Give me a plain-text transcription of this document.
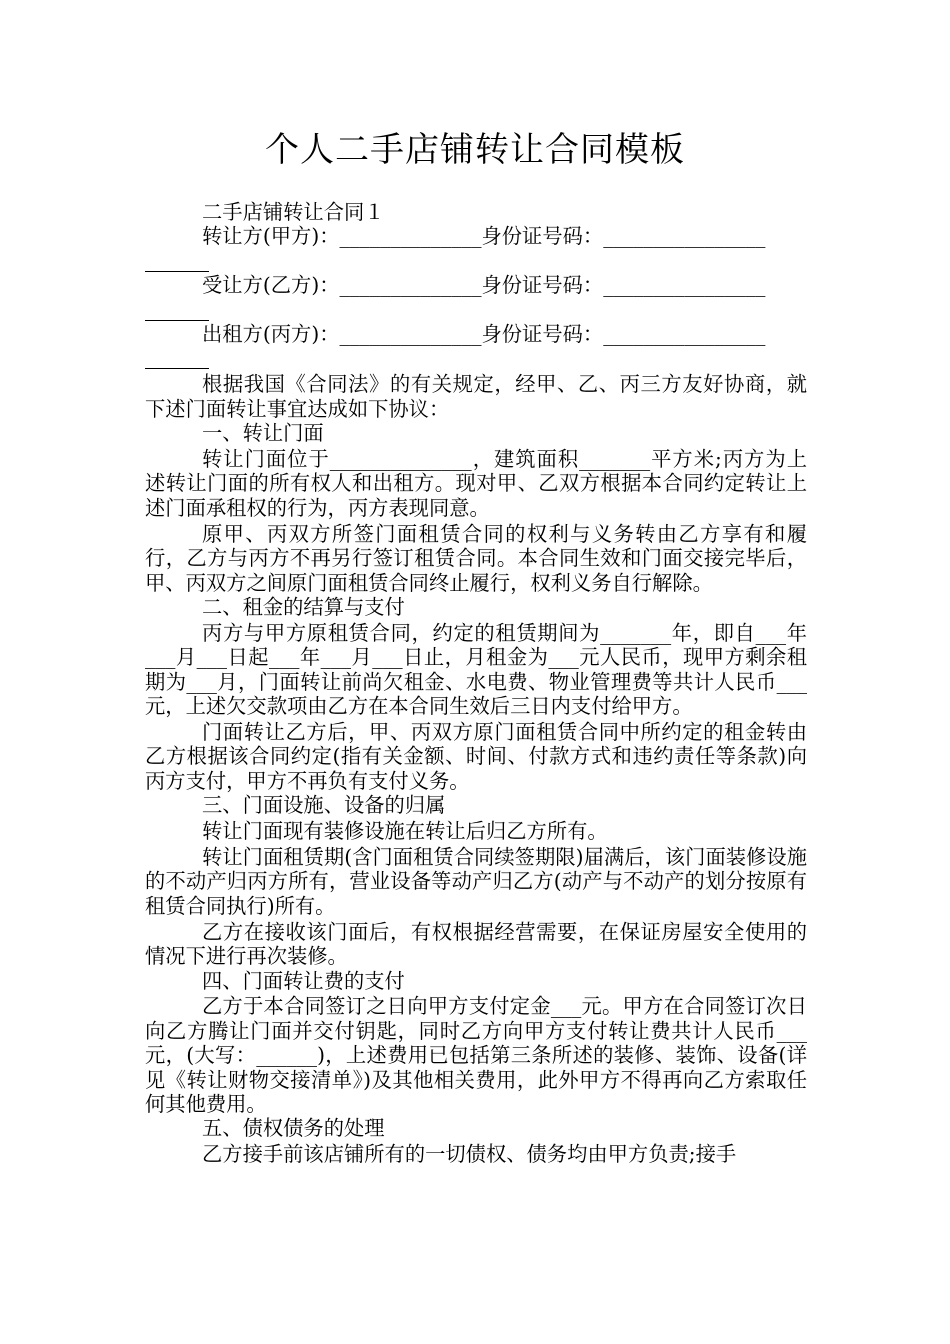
个人二手店铺转让合同模板

二手店铺转让合同１

转让方(甲方)：______________身份证号码：________________

受让方(乙方)：______________身份证号码：________________

出租方(丙方)：______________身份证号码：________________

根据我国《合同法》的有关规定，经甲、乙、丙三方友好协商，就下述门面转让事宜达成如下协议：

一、转让门面

转让门面位于______________，建筑面积_______平方米;丙方为上述转让门面的所有权人和出租方。现对甲、乙双方根据本合同约定转让上述门面承租权的行为，丙方表现同意。

原甲、丙双方所签门面租赁合同的权利与义务转由乙方享有和履行，乙方与丙方不再另行签订租赁合同。本合同生效和门面交接完毕后，甲、丙双方之间原门面租赁合同终止履行，权利义务自行解除。

二、租金的结算与支付

丙方与甲方原租赁合同，约定的租赁期间为_______年，即自___年___月___日起___年___月___日止，月租金为___元人民币，现甲方剩余租期为___月，门面转让前尚欠租金、水电费、物业管理费等共计人民币___元，上述欠交款项由乙方在本合同生效后三日内支付给甲方。

门面转让乙方后，甲、丙双方原门面租赁合同中所约定的租金转由乙方根据该合同约定(指有关金额、时间、付款方式和违约责任等条款)向丙方支付，甲方不再负有支付义务。

三、门面设施、设备的归属

转让门面现有装修设施在转让后归乙方所有。

转让门面租赁期(含门面租赁合同续签期限)届满后，该门面装修设施的不动产归丙方所有，营业设备等动产归乙方(动产与不动产的划分按原有租赁合同执行)所有。

乙方在接收该门面后，有权根据经营需要，在保证房屋安全使用的情况下进行再次装修。

四、门面转让费的支付

乙方于本合同签订之日向甲方支付定金___元。甲方在合同签订次日向乙方腾让门面并交付钥匙，同时乙方向甲方支付转让费共计人民币___元，(大写：______)，上述费用已包括第三条所述的装修、装饰、设备(详见《转让财物交接清单》)及其他相关费用，此外甲方不得再向乙方索取任何其他费用。

五、债权债务的处理

乙方接手前该店铺所有的一切债权、债务均由甲方负责;接手
